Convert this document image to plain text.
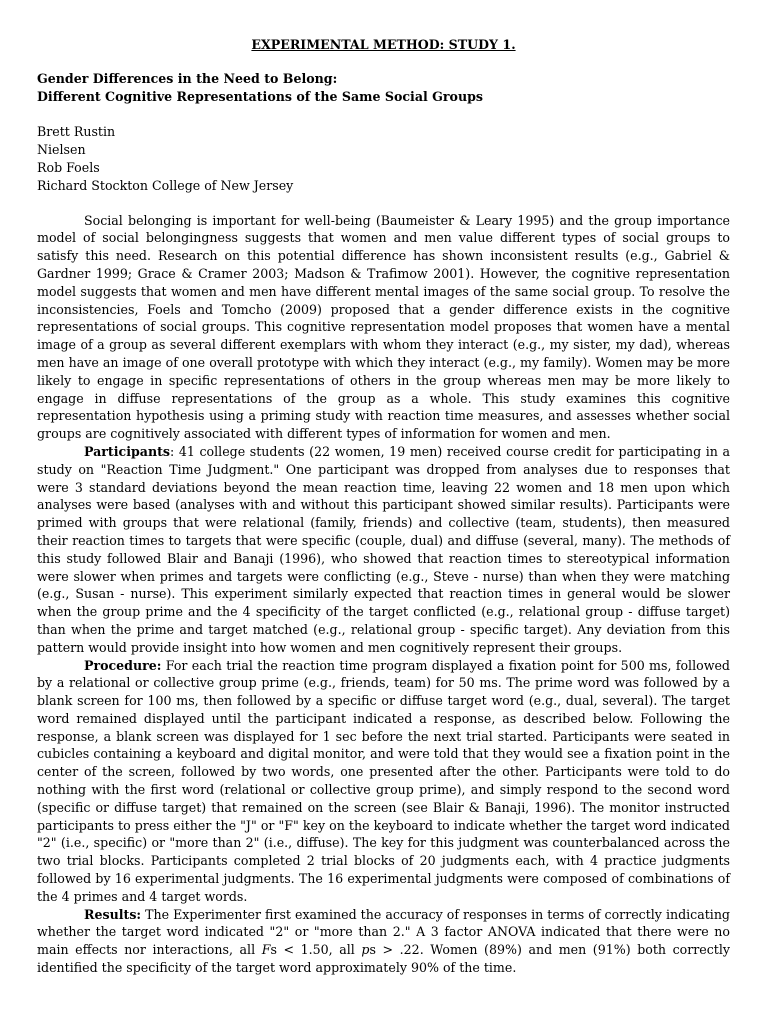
EXPERIMENTAL METHOD: STUDY 1.
Gender Differences in the Need to Belong:
Different Cognitive Representations of the Same Social Groups
Brett Rustin
Nielsen
Rob Foels
Richard Stockton College of New Jersey

Social belonging is important for well-being (Baumeister & Leary 1995) and the group importance model of social belongingness suggests that women and men value different types of social groups to satisfy this need. Research on this potential difference has shown inconsistent results (e.g., Gabriel & Gardner 1999; Grace & Cramer 2003; Madson & Trafimow 2001). However, the cognitive representation model suggests that women and men have different mental images of the same social group. To resolve the inconsistencies, Foels and Tomcho (2009) proposed that a gender difference exists in the cognitive representations of social groups. This cognitive representation model proposes that women have a mental image of a group as several different exemplars with whom they interact (e.g., my sister, my dad), whereas men have an image of one overall prototype with which they interact (e.g., my family). Women may be more likely to engage in specific representations of others in the group whereas men may be more likely to engage in diffuse representations of the group as a whole. This study examines this cognitive representation hypothesis using a priming study with reaction time measures, and assesses whether social groups are cognitively associated with different types of information for women and men.

Participants: 41 college students (22 women, 19 men) received course credit for participating in a study on "Reaction Time Judgment." One participant was dropped from analyses due to responses that were 3 standard deviations beyond the mean reaction time, leaving 22 women and 18 men upon which analyses were based (analyses with and without this participant showed similar results). Participants were primed with groups that were relational (family, friends) and collective (team, students), then measured their reaction times to targets that were specific (couple, dual) and diffuse (several, many). The methods of this study followed Blair and Banaji (1996), who showed that reaction times to stereotypical information were slower when primes and targets were conflicting (e.g., Steve - nurse) than when they were matching (e.g., Susan - nurse). This experiment similarly expected that reaction times in general would be slower when the group prime and the 4 specificity of the target conflicted (e.g., relational group - diffuse target) than when the prime and target matched (e.g., relational group - specific target). Any deviation from this pattern would provide insight into how women and men cognitively represent their groups.

Procedure: For each trial the reaction time program displayed a fixation point for 500 ms, followed by a relational or collective group prime (e.g., friends, team) for 50 ms. The prime word was followed by a blank screen for 100 ms, then followed by a specific or diffuse target word (e.g., dual, several). The target word remained displayed until the participant indicated a response, as described below. Following the response, a blank screen was displayed for 1 sec before the next trial started. Participants were seated in cubicles containing a keyboard and digital monitor, and were told that they would see a fixation point in the center of the screen, followed by two words, one presented after the other. Participants were told to do nothing with the first word (relational or collective group prime), and simply respond to the second word (specific or diffuse target) that remained on the screen (see Blair & Banaji, 1996). The monitor instructed participants to press either the "J" or "F" key on the keyboard to indicate whether the target word indicated "2" (i.e., specific) or "more than 2" (i.e., diffuse). The key for this judgment was counterbalanced across the two trial blocks. Participants completed 2 trial blocks of 20 judgments each, with 4 practice judgments followed by 16 experimental judgments. The 16 experimental judgments were composed of combinations of the 4 primes and 4 target words.

Results: The Experimenter first examined the accuracy of responses in terms of correctly indicating whether the target word indicated "2" or "more than 2." A 3 factor ANOVA indicated that there were no main effects nor interactions, all Fs < 1.50, all ps > .22. Women (89%) and men (91%) both correctly identified the specificity of the target word approximately 90% of the time.
